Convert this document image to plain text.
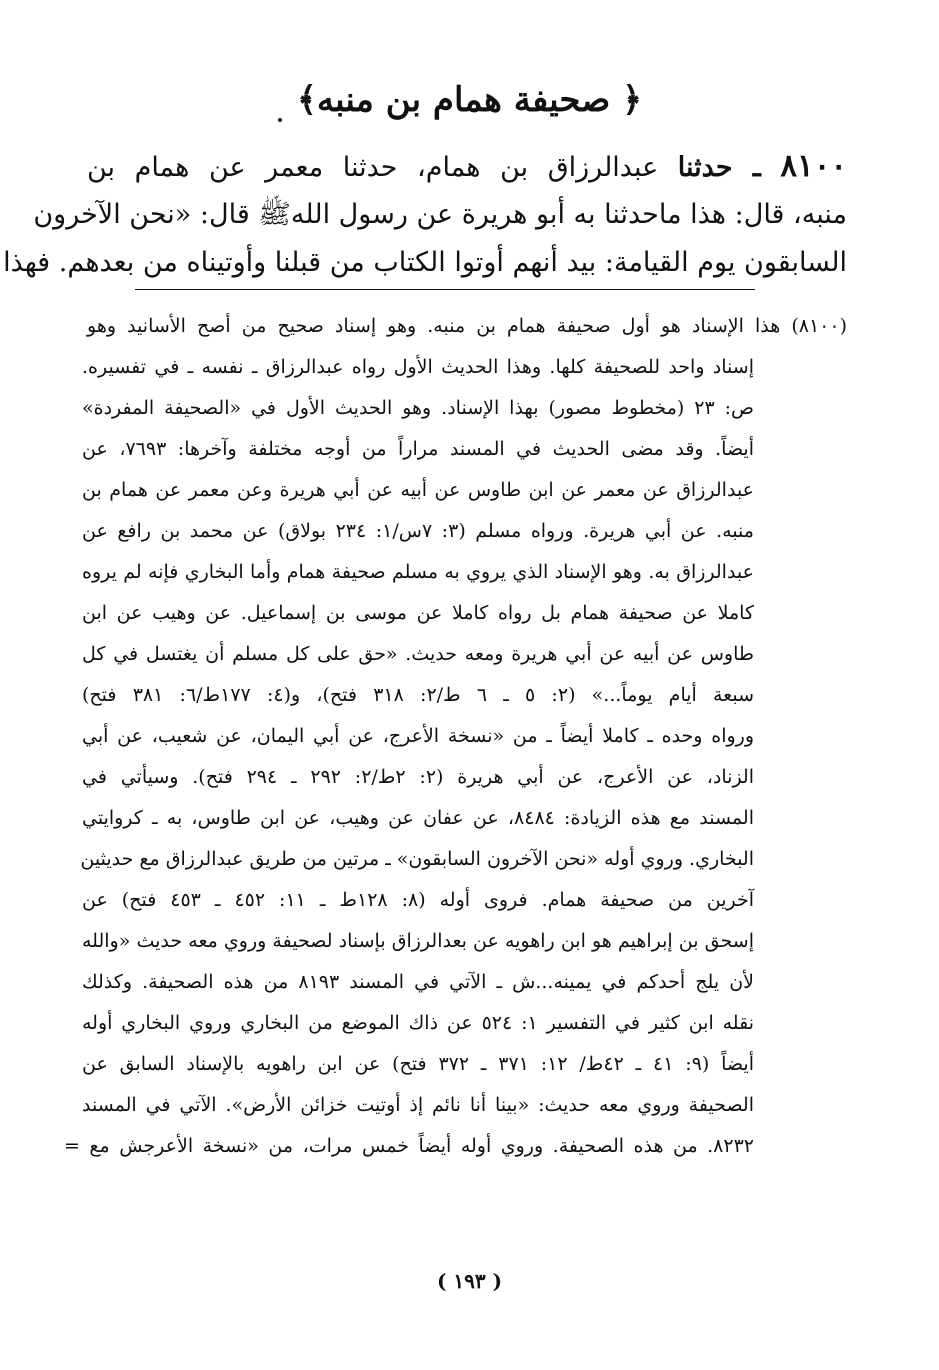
﴿ صحيفة همام بن منبه﴾
٨١٠٠ ـ حدثنا عبدالرزاق بن همام، حدثنا معمر عن همام بن
منبه، قال: هذا ماحدثنا به أبو هريرة عن رسول اللهﷺ قال: «نحن الآخرون
السابقون يوم القيامة: بيد أنهم أوتوا الكتاب من قبلنا وأوتيناه من بعدهم. فهذا
(٨١٠٠) هذا الإسناد هو أول صحيفة همام بن منبه. وهو إسناد صحيح من أصح الأسانيد وهو
إسناد واحد للصحيفة كلها. وهذا الحديث الأول رواه عبدالرزاق ـ نفسه ـ في تفسيره.
ص: ٢٣ (مخطوط مصور) بهذا الإسناد. وهو الحديث الأول في «الصحيفة المفردة»
أيضاً. وقد مضى الحديث في المسند مراراً من أوجه مختلفة وآخرها: ٧٦٩٣، عن
عبدالرزاق عن معمر عن ابن طاوس عن أبيه عن أبي هريرة وعن معمر عن همام بن
منبه. عن أبي هريرة. ورواه مسلم (٣: ٧س/١: ٢٣٤ بولاق) عن محمد بن رافع عن
عبدالرزاق به. وهو الإسناد الذي يروي به مسلم صحيفة همام وأما البخاري فإنه لم يروه
كاملا عن صحيفة همام بل رواه كاملا عن موسى بن إسماعيل. عن وهيب عن ابن
طاوس عن أبيه عن أبي هريرة ومعه حديث. «حق على كل مسلم أن يغتسل في كل
سبعة أيام يوماً...» (٢: ٥ ـ ٦ ط/٢: ٣١٨ فتح)، و(٤: ١٧٧ط/٦: ٣٨١ فتح)
ورواه وحده ـ كاملا أيضاً ـ من «نسخة الأعرج، عن أبي اليمان، عن شعيب، عن أبي
الزناد، عن الأعرج، عن أبي هريرة (٢: ٢ط/٢: ٢٩٢ ـ ٢٩٤ فتح). وسيأتي في
المسند مع هذه الزيادة: ٨٤٨٤، عن عفان عن وهيب، عن ابن طاوس، به ـ كروايتي
البخاري. وروي أوله «نحن الآخرون السابقون» ـ مرتين من طريق عبدالرزاق مع حديثين
آخرين من صحيفة همام. فروى أوله (٨: ١٢٨ط ـ ١١: ٤٥٢ ـ ٤٥٣ فتح) عن
إسحق بن إبراهيم هو ابن راهويه عن بعدالرزاق بإسناد لصحيفة وروي معه حديث «والله
لأن يلج أحدكم في يمينه...ش ـ الآتي في المسند ٨١٩٣ من هذه الصحيفة. وكذلك
نقله ابن كثير في التفسير ١: ٥٢٤ عن ذاك الموضع من البخاري وروي البخاري أوله
أيضاً (٩: ٤١ ـ ٤٢ط/ ١٢: ٣٧١ ـ ٣٧٢ فتح) عن ابن راهويه بالإسناد السابق عن
الصحيفة وروي معه حديث: «بينا أنا نائم إذ أوتيت خزائن الأرض». الآتي في المسند
٨٢٣٢. من هذه الصحيفة. وروي أوله أيضاً خمس مرات، من «نسخة الأعرجش مع =
( ١٩٣ )
